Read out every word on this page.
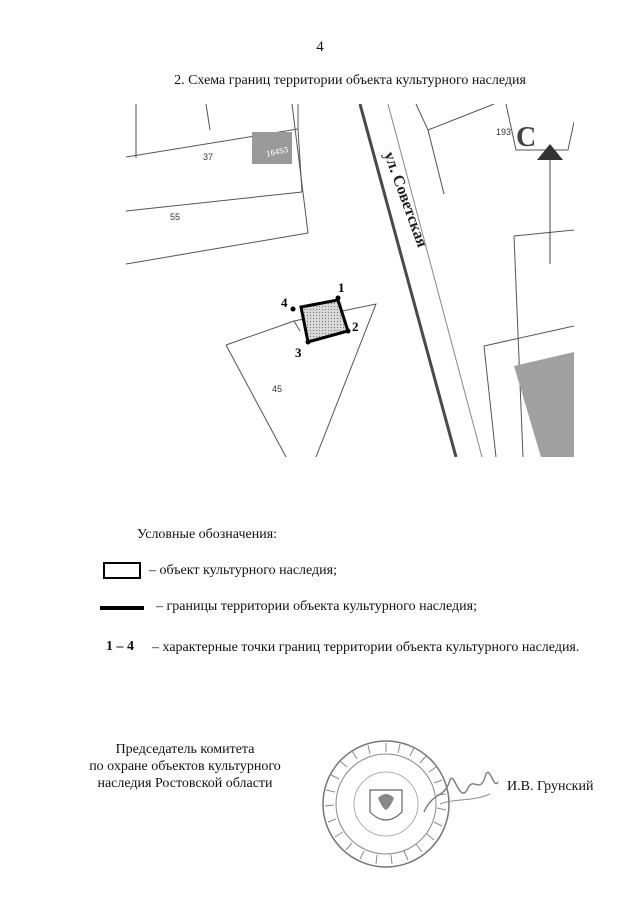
4
2. Схема границ территории объекта культурного наследия
16453
37
55
45
193
ул. Советская
С
1
2
3
4
Условные обозначения:
– объект культурного наследия;
– границы территории объекта культурного наследия;
1 – 4 – характерные точки границ территории объекта культурного наследия.
Председатель комитета
по охране объектов культурного
наследия Ростовской области	И.В. Грунский
